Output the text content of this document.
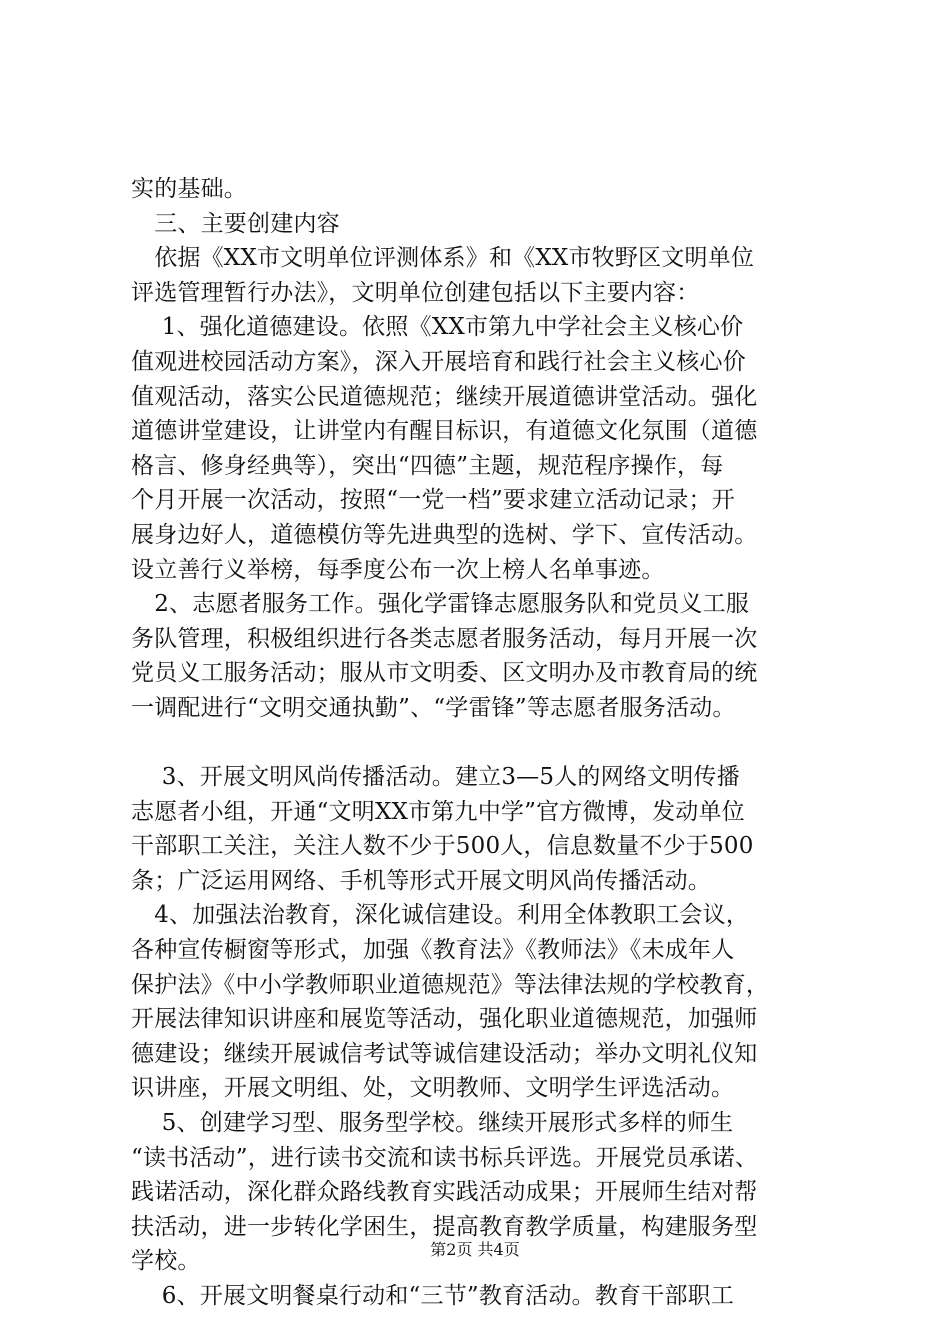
实的基础。
　三、主要创建内容
　依据《XX市文明单位评测体系》和《XX市牧野区文明单位
评选管理暂行办法》，文明单位创建包括以下主要内容：
　 1、强化道德建设。依照《XX市第九中学社会主义核心价
值观进校园活动方案》，深入开展培育和践行社会主义核心价
值观活动，落实公民道德规范；继续开展道德讲堂活动。强化
道德讲堂建设，让讲堂内有醒目标识，有道德文化氛围（道德
格言、修身经典等），突出“四德”主题，规范程序操作，每
个月开展一次活动，按照“一党一档”要求建立活动记录；开
展身边好人，道德模仿等先进典型的选树、学下、宣传活动。
设立善行义举榜，每季度公布一次上榜人名单事迹。
　2、志愿者服务工作。强化学雷锋志愿服务队和党员义工服
务队管理，积极组织进行各类志愿者服务活动，每月开展一次
党员义工服务活动；服从市文明委、区文明办及市教育局的统
一调配进行“文明交通执勤”、“学雷锋”等志愿者服务活动。
　 3、开展文明风尚传播活动。建立3—5人的网络文明传播
志愿者小组，开通“文明XX市第九中学”官方微博，发动单位
干部职工关注，关注人数不少于500人，信息数量不少于500
条；广泛运用网络、手机等形式开展文明风尚传播活动。
　4、加强法治教育，深化诚信建设。利用全体教职工会议，
各种宣传橱窗等形式，加强《教育法》《教师法》《未成年人
保护法》《中小学教师职业道德规范》等法律法规的学校教育，
开展法律知识讲座和展览等活动，强化职业道德规范，加强师
德建设；继续开展诚信考试等诚信建设活动；举办文明礼仪知
识讲座，开展文明组、处，文明教师、文明学生评选活动。
　 5、创建学习型、服务型学校。继续开展形式多样的师生
“读书活动”，进行读书交流和读书标兵评选。开展党员承诺、
践诺活动，深化群众路线教育实践活动成果；开展师生结对帮
扶活动，进一步转化学困生，提高教育教学质量，构建服务型
学校。
　 6、开展文明餐桌行动和“三节”教育活动。教育干部职工
第2页 共4页
